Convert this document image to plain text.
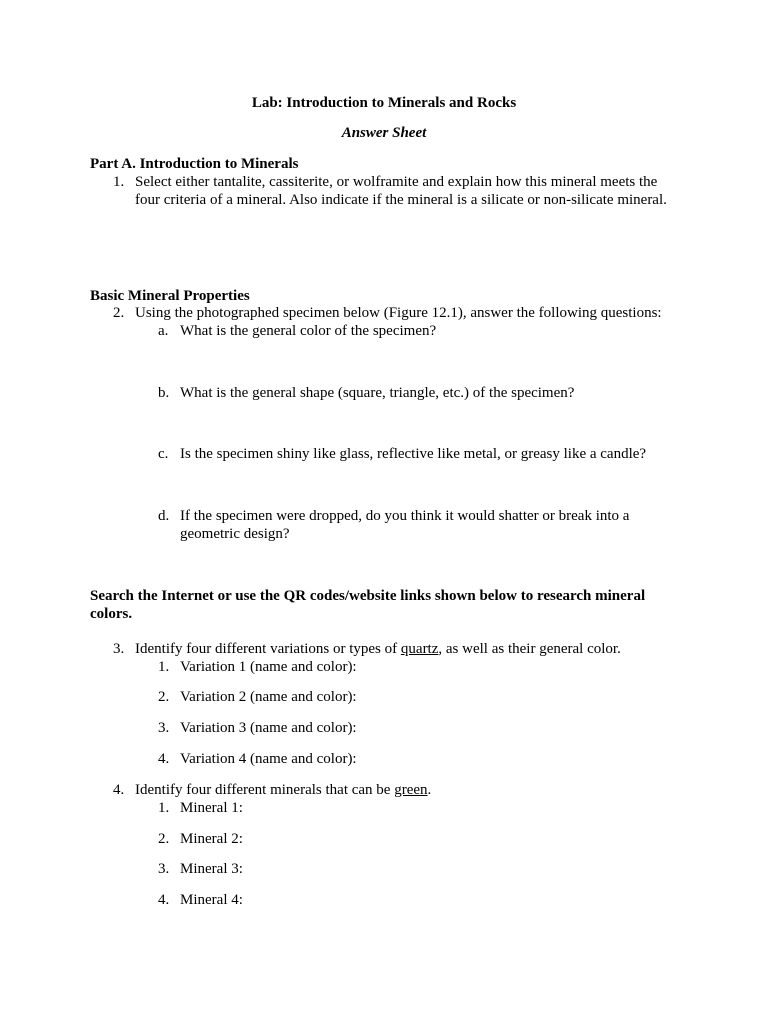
Lab: Introduction to Minerals and Rocks
Answer Sheet
Part A. Introduction to Minerals
1. Select either tantalite, cassiterite, or wolframite and explain how this mineral meets the
four criteria of a mineral. Also indicate if the mineral is a silicate or non-silicate mineral.
Basic Mineral Properties
2. Using the photographed specimen below (Figure 12.1), answer the following questions:
a. What is the general color of the specimen?
b. What is the general shape (square, triangle, etc.) of the specimen?
c. Is the specimen shiny like glass, reflective like metal, or greasy like a candle?
d. If the specimen were dropped, do you think it would shatter or break into a
geometric design?
Search the Internet or use the QR codes/website links shown below to research mineral
colors.
3. Identify four different variations or types of quartz, as well as their general color.
1. Variation 1 (name and color):
2. Variation 2 (name and color):
3. Variation 3 (name and color):
4. Variation 4 (name and color):
4. Identify four different minerals that can be green.
1. Mineral 1:
2. Mineral 2:
3. Mineral 3:
4. Mineral 4:
